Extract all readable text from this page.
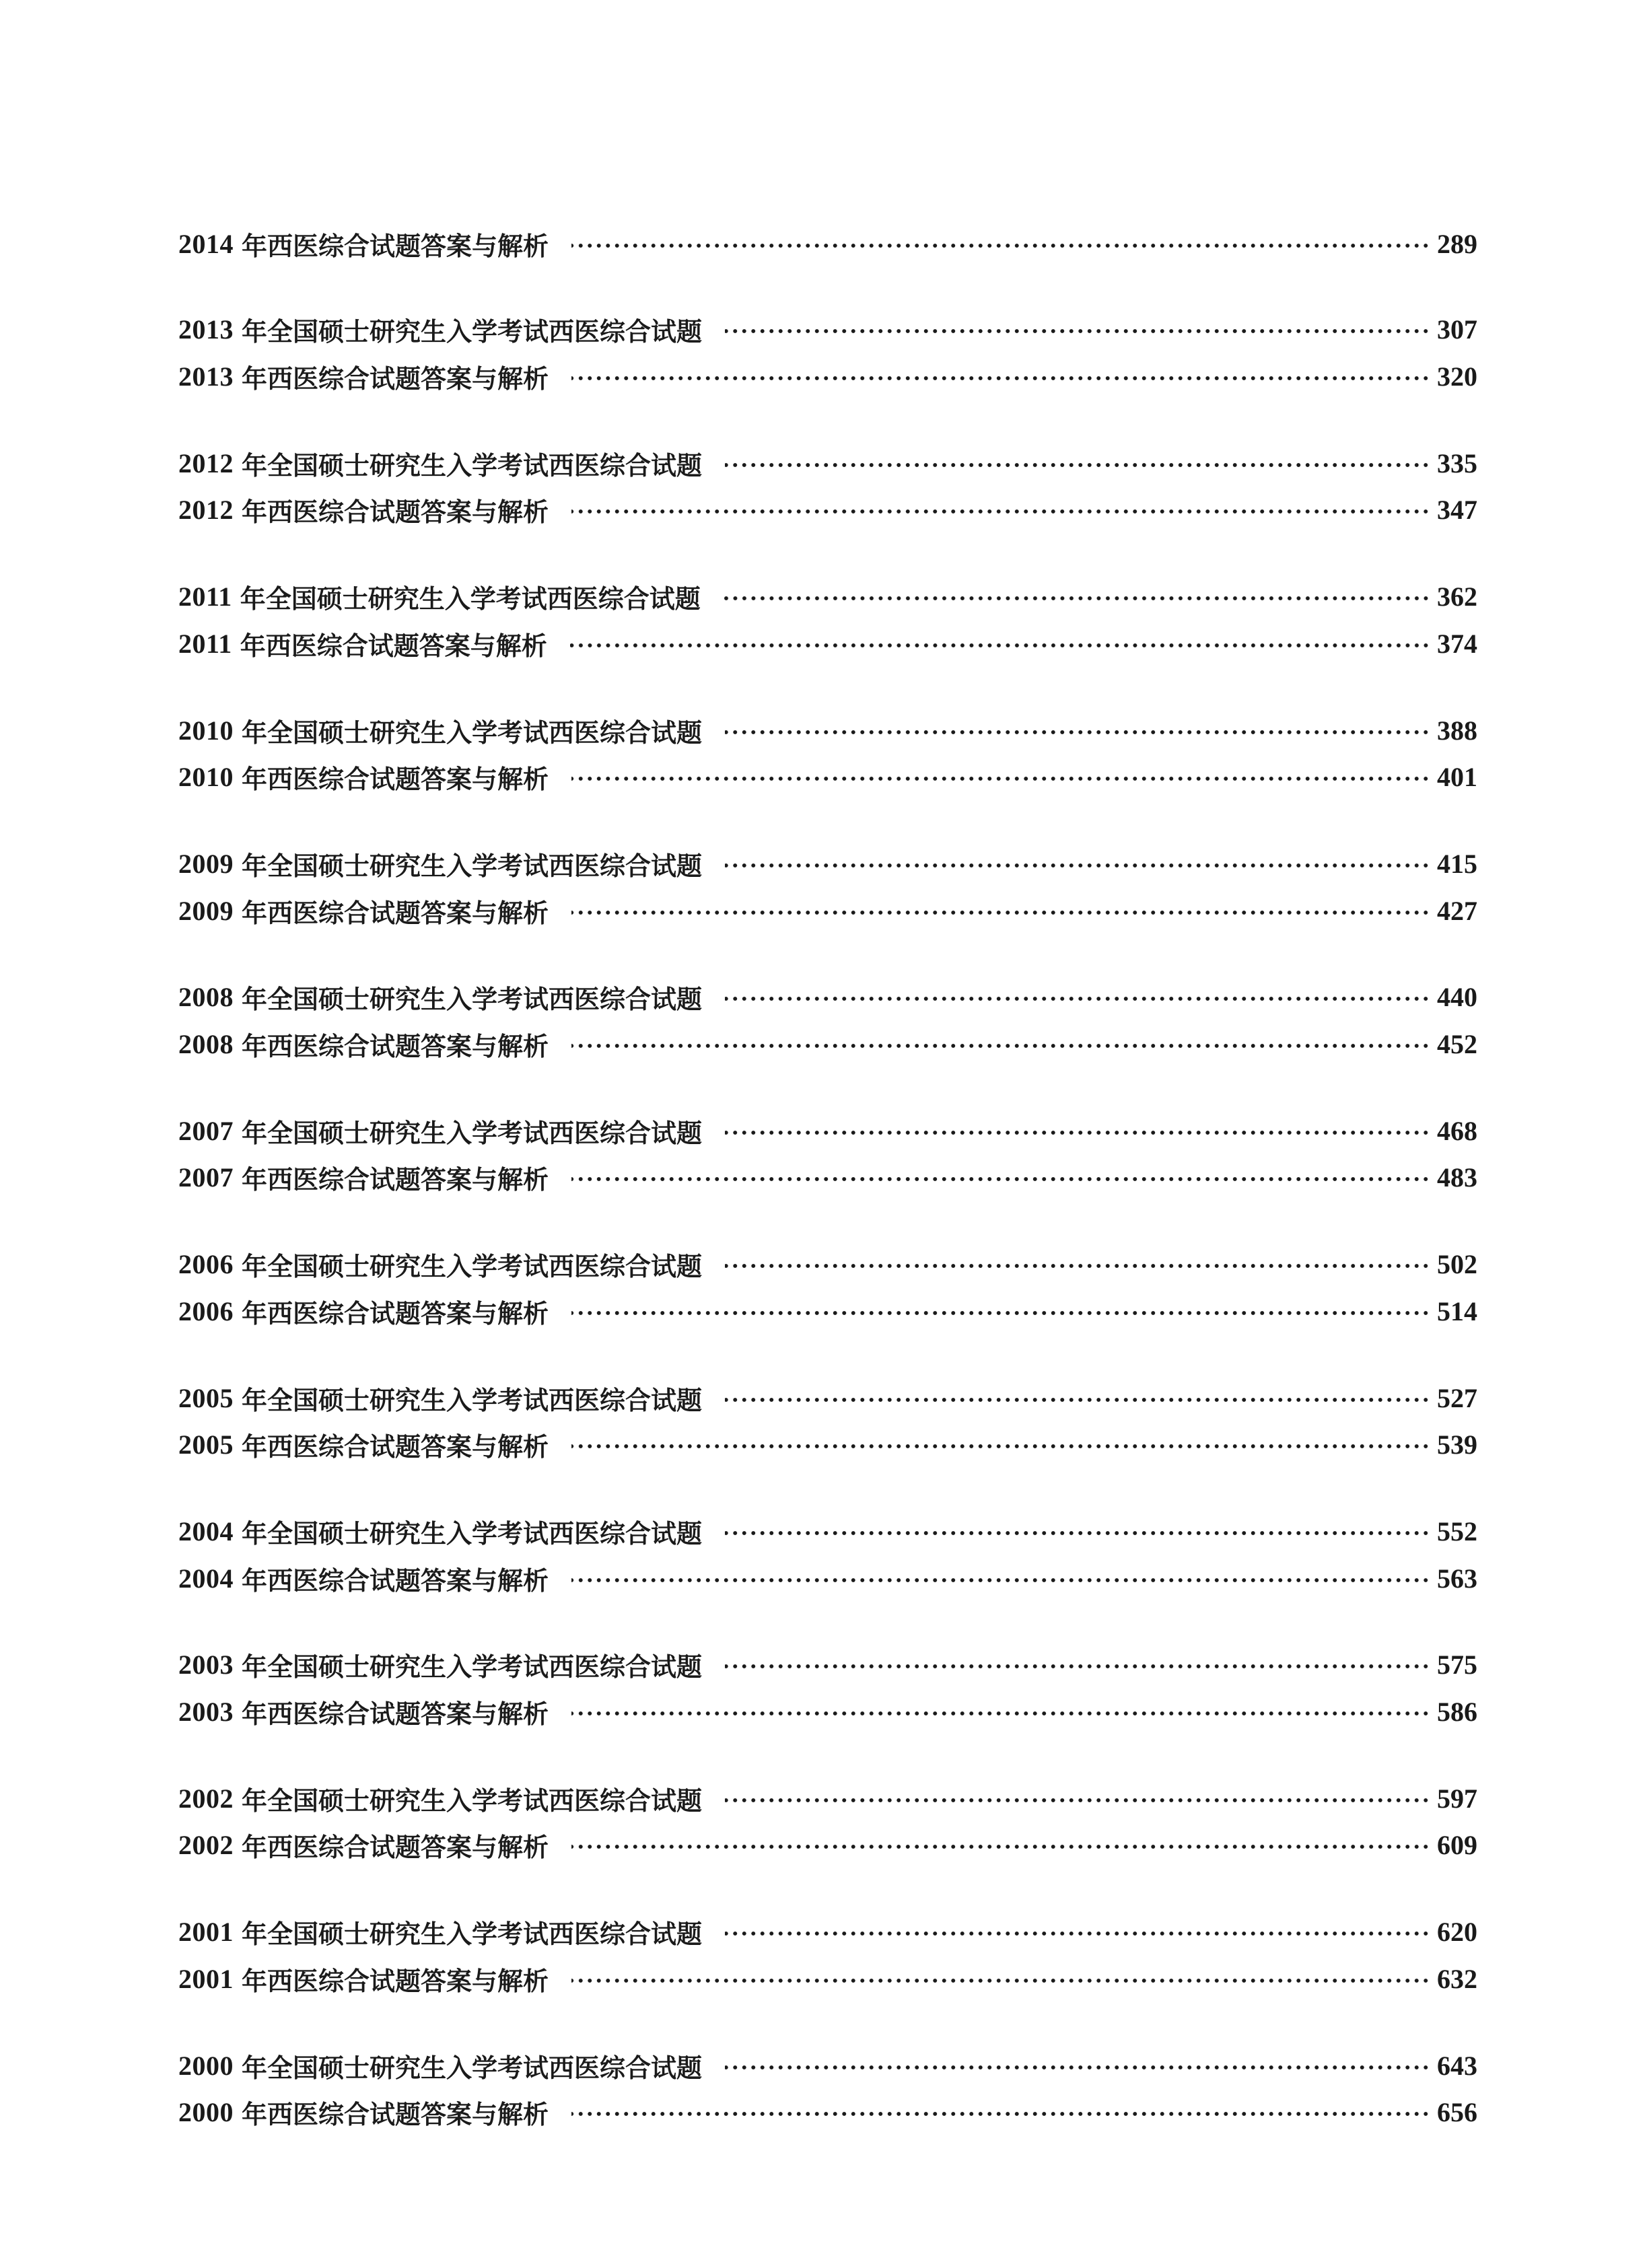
2014 年西医综合试题答案与解析	289
2013 年全国硕士研究生入学考试西医综合试题	307
2013 年西医综合试题答案与解析	320
2012 年全国硕士研究生入学考试西医综合试题	335
2012 年西医综合试题答案与解析	347
2011 年全国硕士研究生入学考试西医综合试题	362
2011 年西医综合试题答案与解析	374
2010 年全国硕士研究生入学考试西医综合试题	388
2010 年西医综合试题答案与解析	401
2009 年全国硕士研究生入学考试西医综合试题	415
2009 年西医综合试题答案与解析	427
2008 年全国硕士研究生入学考试西医综合试题	440
2008 年西医综合试题答案与解析	452
2007 年全国硕士研究生入学考试西医综合试题	468
2007 年西医综合试题答案与解析	483
2006 年全国硕士研究生入学考试西医综合试题	502
2006 年西医综合试题答案与解析	514
2005 年全国硕士研究生入学考试西医综合试题	527
2005 年西医综合试题答案与解析	539
2004 年全国硕士研究生入学考试西医综合试题	552
2004 年西医综合试题答案与解析	563
2003 年全国硕士研究生入学考试西医综合试题	575
2003 年西医综合试题答案与解析	586
2002 年全国硕士研究生入学考试西医综合试题	597
2002 年西医综合试题答案与解析	609
2001 年全国硕士研究生入学考试西医综合试题	620
2001 年西医综合试题答案与解析	632
2000 年全国硕士研究生入学考试西医综合试题	643
2000 年西医综合试题答案与解析	656
